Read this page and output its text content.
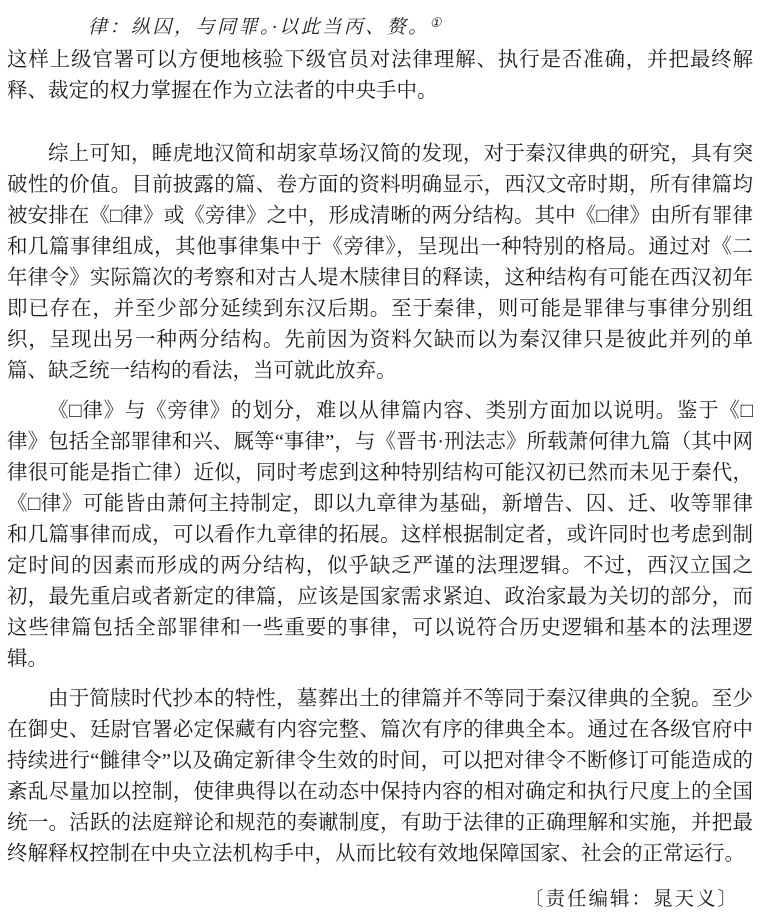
律：纵囚，与同罪。·以此当丙、赘。①

这样上级官署可以方便地核验下级官员对法律理解、执行是否准确，并把最终解释、裁定的权力掌握在作为立法者的中央手中。

综上可知，睡虎地汉简和胡家草场汉简的发现，对于秦汉律典的研究，具有突破性的价值。目前披露的篇、卷方面的资料明确显示，西汉文帝时期，所有律篇均被安排在《□律》或《旁律》之中，形成清晰的两分结构。其中《□律》由所有罪律和几篇事律组成，其他事律集中于《旁律》，呈现出一种特别的格局。通过对《二年律令》实际篇次的考察和对古人堤木牍律目的释读，这种结构有可能在西汉初年即已存在，并至少部分延续到东汉后期。至于秦律，则可能是罪律与事律分别组织，呈现出另一种两分结构。先前因为资料欠缺而以为秦汉律只是彼此并列的单篇、缺乏统一结构的看法，当可就此放弃。

《□律》与《旁律》的划分，难以从律篇内容、类别方面加以说明。鉴于《□律》包括全部罪律和兴、厩等“事律”，与《晋书·刑法志》所载萧何律九篇（其中网律很可能是指亡律）近似，同时考虑到这种特别结构可能汉初已然而未见于秦代，《□律》可能皆由萧何主持制定，即以九章律为基础，新增告、囚、迁、收等罪律和几篇事律而成，可以看作九章律的拓展。这样根据制定者，或许同时也考虑到制定时间的因素而形成的两分结构，似乎缺乏严谨的法理逻辑。不过，西汉立国之初，最先重启或者新定的律篇，应该是国家需求紧迫、政治家最为关切的部分，而这些律篇包括全部罪律和一些重要的事律，可以说符合历史逻辑和基本的法理逻辑。

由于简牍时代抄本的特性，墓葬出土的律篇并不等同于秦汉律典的全貌。至少在御史、廷尉官署必定保藏有内容完整、篇次有序的律典全本。通过在各级官府中持续进行“雠律令”以及确定新律令生效的时间，可以把对律令不断修订可能造成的紊乱尽量加以控制，使律典得以在动态中保持内容的相对确定和执行尺度上的全国统一。活跃的法庭辩论和规范的奏谳制度，有助于法律的正确理解和实施，并把最终解释权控制在中央立法机构手中，从而比较有效地保障国家、社会的正常运行。

〔责任编辑：晁天义〕
